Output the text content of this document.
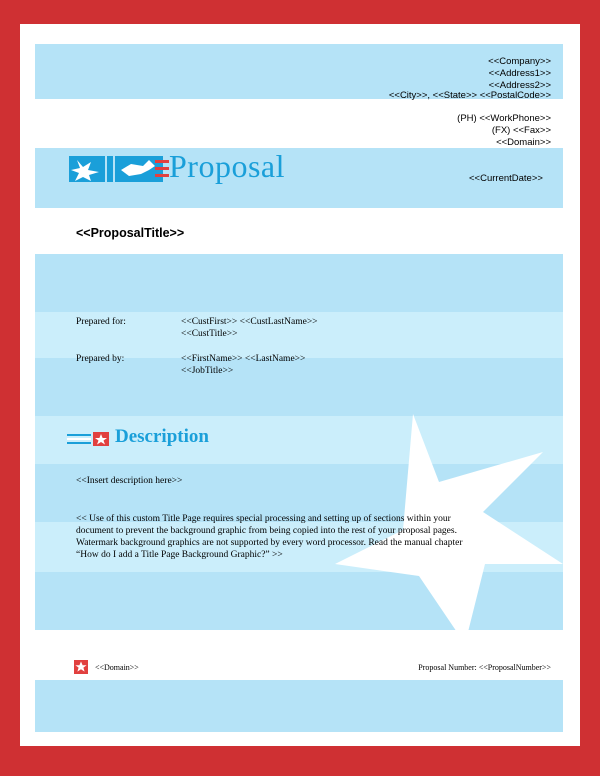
<<Company>>
<<Address1>>
<<Address2>>
<<City>>, <<State>> <<PostalCode>>
(PH) <<WorkPhone>>
(FX) <<Fax>>
<<Domain>>
Proposal	<<CurrentDate>>
<<ProposalTitle>>
Prepared for:	<<CustFirst>> <<CustLastName>>
<<CustTitle>>
Prepared by:	<<FirstName>> <<LastName>>
<<JobTitle>>
Description
<<Insert description here>>
<< Use of this custom Title Page requires special processing and setting up of sections within your
document to prevent the background graphic from being copied into the rest of your proposal pages.
Watermark background graphics are not supported by every word processor. Read the manual chapter
“How do I add a Title Page Background Graphic?” >>
<<Domain>>	Proposal Number: <<ProposalNumber>>
